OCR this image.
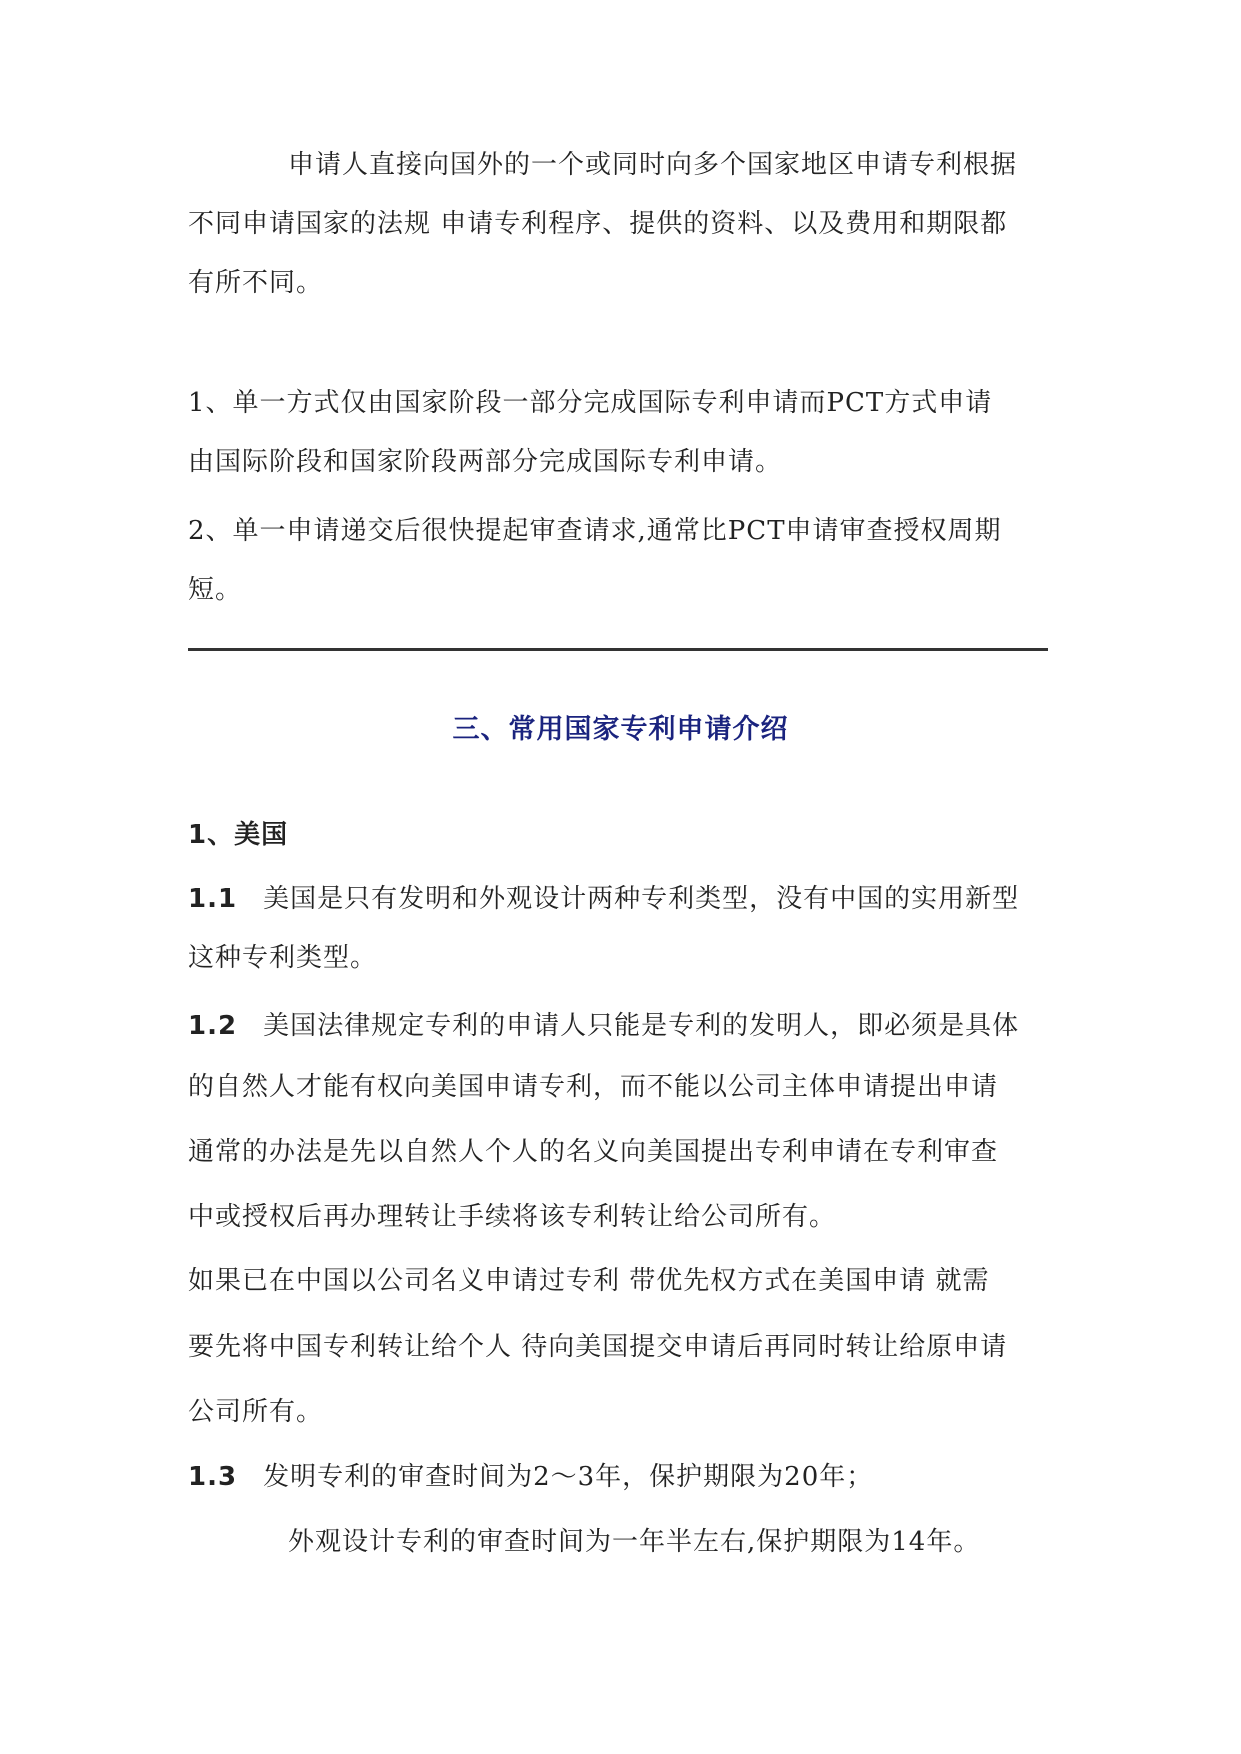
申请人直接向国外的一个或同时向多个国家地区申请专利根据
不同申请国家的法规 申请专利程序、提供的资料、以及费用和期限都
有所不同。
1、单一方式仅由国家阶段一部分完成国际专利申请而PCT方式申请
由国际阶段和国家阶段两部分完成国际专利申请。
2、单一申请递交后很快提起审查请求,通常比PCT申请审查授权周期
短。
三、常用国家专利申请介绍
1、美国
1.1 美国是只有发明和外观设计两种专利类型，没有中国的实用新型
这种专利类型。
1.2 美国法律规定专利的申请人只能是专利的发明人，即必须是具体
的自然人才能有权向美国申请专利，而不能以公司主体申请提出申请
通常的办法是先以自然人个人的名义向美国提出专利申请在专利审查
中或授权后再办理转让手续将该专利转让给公司所有。
如果已在中国以公司名义申请过专利 带优先权方式在美国申请 就需
要先将中国专利转让给个人 待向美国提交申请后再同时转让给原申请
公司所有。
1.3 发明专利的审查时间为2～3年，保护期限为20年；
外观设计专利的审查时间为一年半左右,保护期限为14年。
